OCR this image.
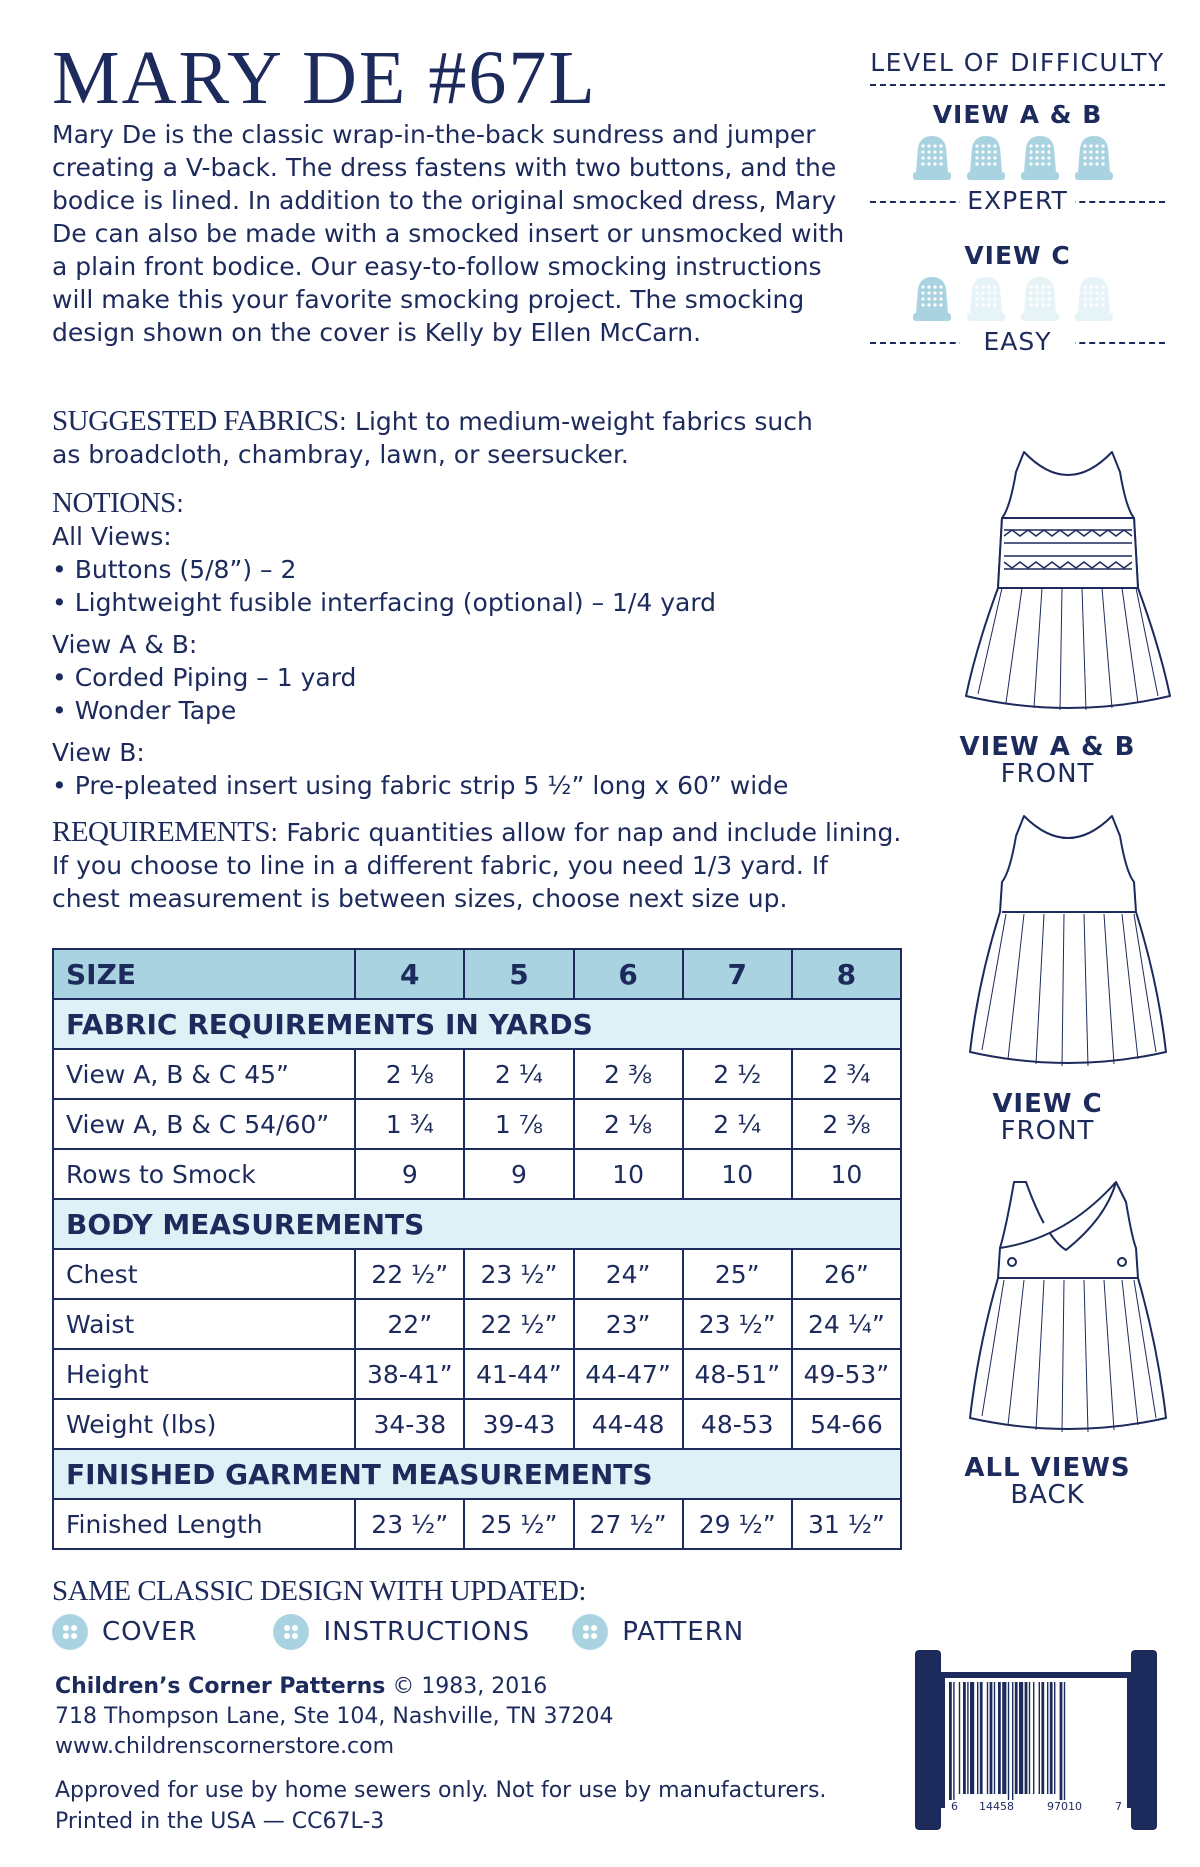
MARY DE #67L

Mary De is the classic wrap-in-the-back sundress and jumper creating a V-back. The dress fastens with two buttons, and the bodice is lined. In addition to the original smocked dress, Mary De can also be made with a smocked insert or unsmocked with a plain front bodice. Our easy-to-follow smocking instructions will make this your favorite smocking project. The smocking design shown on the cover is Kelly by Ellen McCarn.

SUGGESTED FABRICS: Light to medium-weight fabrics such
as broadcloth, chambray, lawn, or seersucker.
NOTIONS:
All Views:
• Buttons (5/8”) – 2
• Lightweight fusible interfacing (optional) – 1/4 yard
View A & B:
• Corded Piping – 1 yard
• Wonder Tape
View B:
• Pre-pleated insert using fabric strip 5 ½” long x 60” wide
REQUIREMENTS: Fabric quantities allow for nap and include lining.
If you choose to line in a different fabric, you need 1/3 yard. If
chest measurement is between sizes, choose next size up.
SIZE	4	5	6	7	8
FABRIC REQUIREMENTS IN YARDS					
View A, B & C 45”	2 ⅛	2 ¼	2 ⅜	2 ½	2 ¾
View A, B & C 54/60”	1 ¾	1 ⅞	2 ⅛	2 ¼	2 ⅜
Rows to Smock	9	9	10	10	10
BODY MEASUREMENTS					
Chest	22 ½”	23 ½”	24”	25”	26”
Waist	22”	22 ½”	23”	23 ½”	24 ¼”
Height	38-41”	41-44”	44-47”	48-51”	49-53”
Weight (lbs)	34-38	39-43	44-48	48-53	54-66
FINISHED GARMENT MEASUREMENTS					
Finished Length	23 ½”	25 ½”	27 ½”	29 ½”	31 ½”
SAME CLASSIC DESIGN WITH UPDATED:
COVER	INSTRUCTIONS	PATTERN
Children’s Corner Patterns © 1983, 2016
718 Thompson Lane, Ste 104, Nashville, TN 37204
www.childrenscornerstore.com
Approved for use by home sewers only. Not for use by manufacturers.
Printed in the USA — CC67L-3
LEVEL OF DIFFICULTY
VIEW A & B
EXPERT
VIEW C
EASY
VIEW A & B
FRONT
VIEW C
FRONT
ALL VIEWS
BACK
6 14458	97010	7
